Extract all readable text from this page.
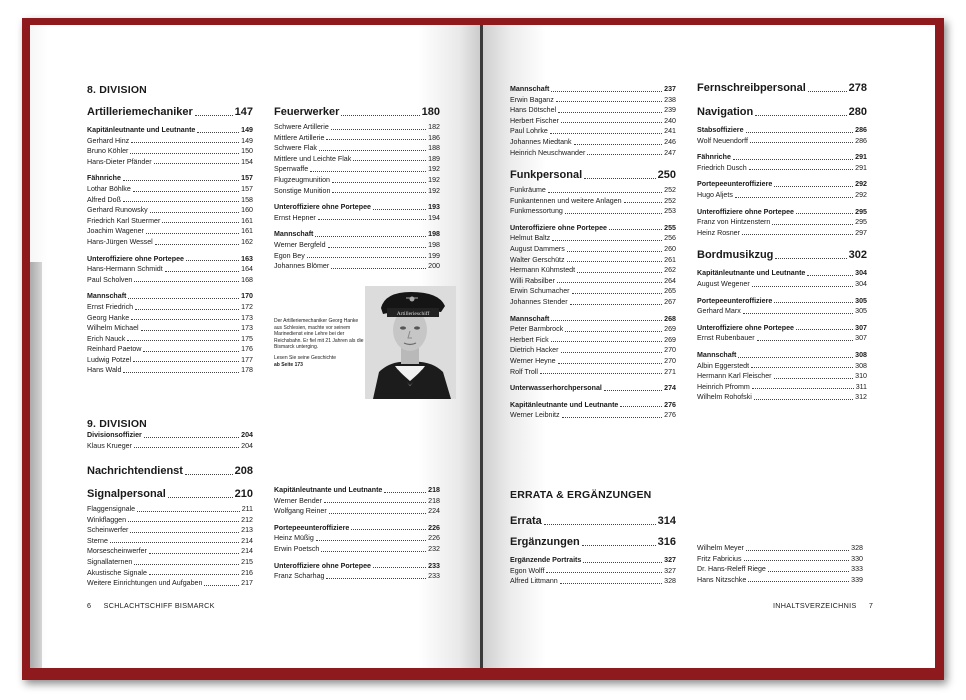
8. DIVISION
Artilleriemechaniker	147
Kapitänleutnante und Leutnante	149
Gerhard Hinz	149
Bruno Köhler	150
Hans-Dieter Pfänder	154
Fähnriche	157
Lothar Böhlke	157
Alfred Doß	158
Gerhard Runowsky	160
Friedrich Karl Stuermer	161
Joachim Wagener	161
Hans-Jürgen Wessel	162
Unteroffiziere ohne Portepee	163
Hans-Hermann Schmidt	164
Paul Scholven	168
Mannschaft	170
Ernst Friedrich	172
Georg Hanke	173
Wilhelm Michael	173
Erich Nauck	175
Reinhard Paetow	176
Ludwig Potzel	177
Hans Wald	178
Feuerwerker	180
Schwere Artillerie	182
Mittlere Artillerie	186
Schwere Flak	188
Mittlere und Leichte Flak	189
Sperrwaffe	192
Flugzeugmunition	192
Sonstige Munition	192
Unteroffiziere ohne Portepee	193
Ernst Hepner	194
Mannschaft	198
Werner Bergfeld	198
Egon Bey	199
Johannes Blömer	200
Artillerieschiff
Der Artilleriemechaniker Georg Hanke aus Schlesien, machte vor seinem Marinedienst eine Lehre bei der Reichsbahn. Er fiel mit 21 Jahren als die Bismarck unterging.
Lesen Sie seine Geschichte
ab Seite 173
9. DIVISION
Divisionsoffizier	204
Klaus Krueger	204
Nachrichtendienst	208
Signalpersonal	210
Flaggensignale	211
Winkflaggen	212
Scheinwerfer	213
Sterne	214
Morsescheinwerfer	214
Signallaternen	215
Akustische Signale	216
Weitere Einrichtungen und Aufgaben	217
Kapitänleutnante und Leutnante	218
Werner Bender	218
Wolfgang Reiner	224
Portepeeunteroffiziere	226
Heinz Müßig	226
Erwin Poetsch	232
Unteroffiziere ohne Portepee	233
Franz Scharhag	233
6 SCHLACHTSCHIFF BISMARCK
Mannschaft	237
Erwin Baganz	238
Hans Dötschel	239
Herbert Fischer	240
Paul Lohrke	241
Johannes Miedtank	246
Heinrich Neuschwander	247
Funkpersonal	250
Funkräume	252
Funkantennen und weitere Anlagen	252
Funkmessortung	253
Unteroffiziere ohne Portepee	255
Helmut Baltz	256
August Dammers	260
Walter Gerschütz	261
Hermann Kühmstedt	262
Willi Rabsilber	264
Erwin Schumacher	265
Johannes Stender	267
Mannschaft	268
Peter Barmbrock	269
Herbert Fick	269
Dietrich Hacker	270
Werner Heyne	270
Rolf Troll	271
Unterwasserhorchpersonal	274
Kapitänleutnante und Leutnante	276
Werner Leibnitz	276
Fernschreibpersonal	278
Navigation	280
Stabsoffiziere	286
Wolf Neuendorff	286
Fähnriche	291
Friedrich Dusch	291
Portepeeunteroffiziere	292
Hugo Aljets	292
Unteroffiziere ohne Portepee	295
Franz von Hintzenstern	295
Heinz Rosner	297
Bordmusikzug	302
Kapitänleutnante und Leutnante	304
August Wegener	304
Portepeeunteroffiziere	305
Gerhard Marx	305
Unteroffiziere ohne Portepee	307
Ernst Rubenbauer	307
Mannschaft	308
Albin Eggerstedt	308
Hermann Karl Fleischer	310
Heinrich Pfromm	311
Wilhelm Rohofski	312
ERRATA & ERGÄNZUNGEN
Errata	314
Ergänzungen	316
Ergänzende Portraits	327
Egon Wolff	327
Alfred Littmann	328
Wilhelm Meyer	328
Fritz Fabricius	330
Dr. Hans-Releff Riege	333
Hans Nitzschke	339
INHALTSVERZEICHNIS 7
